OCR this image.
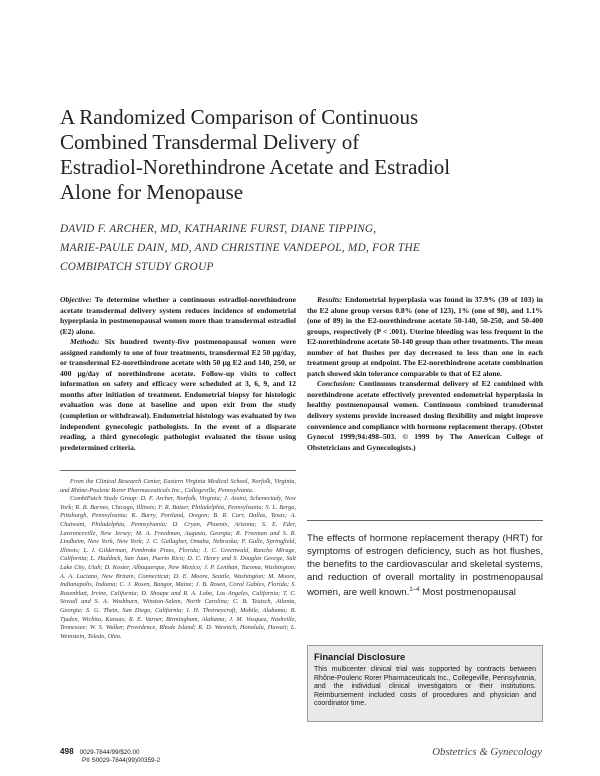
A Randomized Comparison of Continuous
Combined Transdermal Delivery of
Estradiol-Norethindrone Acetate and Estradiol
Alone for Menopause
DAVID F. ARCHER, MD, KATHARINE FURST, DIANE TIPPING,
MARIE-PAULE DAIN, MD, AND CHRISTINE VANDEPOL, MD, FOR THE
COMBIPATCH STUDY GROUP

Objective: To determine whether a continuous estradiol-norethindrone acetate transdermal delivery system reduces incidence of endometrial hyperplasia in postmenopausal women more than transdermal estradiol (E2) alone.

Methods: Six hundred twenty-five postmenopausal women were assigned randomly to one of four treatments, transdermal E2 50 μg/day, or transdermal E2-norethindrone acetate with 50 μg E2 and 140, 250, or 400 μg/day of norethindrone acetate. Follow-up visits to collect information on safety and efficacy were scheduled at 3, 6, 9, and 12 months after initiation of treatment. Endometrial biopsy for histologic evaluation was done at baseline and upon exit from the study (completion or withdrawal). Endometrial histology was evaluated by two independent gynecologic pathologists. In the event of a disparate reading, a third gynecologic pathologist evaluated the tissue using predetermined criteria.

Results: Endometrial hyperplasia was found in 37.9% (39 of 103) in the E2 alone group versus 0.8% (one of 123), 1% (one of 98), and 1.1% (one of 89) in the E2-norethindrone acetate 50-140, 50-250, and 50-400 groups, respectively (P < .001). Uterine bleeding was less frequent in the E2-norethindrone acetate 50-140 group than other treatments. The mean number of hot flushes per day decreased to less than one in each treatment group at endpoint. The E2-norethindrone acetate combination patch showed skin tolerance comparable to that of E2 alone.

Conclusion: Continuous transdermal delivery of E2 combined with norethindrone acetate effectively prevented endometrial hyperplasia in healthy postmenopausal women. Continuous combined transdermal delivery systems provide increased dosing flexibility and might improve convenience and compliance with hormone replacement therapy. (Obstet Gynecol 1999;94:498–503. © 1999 by The American College of Obstetricians and Gynecologists.)

From the Clinical Research Center, Eastern Virginia Medical School, Norfolk, Virginia, and Rhône-Poulenc Rorer Pharmaceuticals Inc., Collegeville, Pennsylvania.

CombiPatch Study Group: D. F. Archer, Norfolk, Virginia; J. Assini, Schenectady, New York; R. B. Barnes, Chicago, Illinois; F. R. Batzer, Philadelphia, Pennsylvania; S. L. Berga, Pittsburgh, Pennsylvania; K. Burry, Portland, Oregon; B. R. Carr, Dallas, Texas; A. Chatwani, Philadelphia, Pennsylvania; D. Cryan, Phoenix, Arizona; S. E. Eder, Lawrenceville, New Jersey; M. A. Freedman, Augusta, Georgia; R. Freeman and S. R. Lindheim, New York, New York; J. C. Gallagher, Omaha, Nebraska; P. Galle, Springfield, Illinois; L. I. Gilderman, Pembroke Pines, Florida; J. C. Greenwald, Rancho Mirage, California; L. Haddock, San Juan, Puerto Rico; D. C. Henry and S. Douglas George, Salt Lake City, Utah; D. Koster, Albuquerque, New Mexico; J. P. Lenihan, Tacoma, Washington; A. A. Luciano, New Britain, Connecticut; D. E. Moore, Seattle, Washington; M. Moore, Indianapolis, Indiana; C. J. Rosen, Bangor, Maine; J. B. Rosen, Coral Gables, Florida; S. Rosenblatt, Irvine, California; D. Shoupe and R. A. Lobo, Los Angeles, California; T. C. Stovall and S. A. Washburn, Winston-Salem, North Carolina; C. B. Teutsch, Atlanta, Georgia; S. G. Thein, San Diego, California; I. H. Thorneycroft, Mobile, Alabama; B. Tjaden, Wichita, Kansas; R. E. Varner, Birmingham, Alabama; J. M. Vasquez, Nashville, Tennessee; W. S. Walker, Providence, Rhode Island; R. D. Wasnich, Honolulu, Hawaii; L. Weinstein, Toledo, Ohio.

The effects of hormone replacement therapy (HRT) for symptoms of estrogen deficiency, such as hot flushes, the benefits to the cardiovascular and skeletal systems, and reduction of overall mortality in postmenopausal women, are well known.$^{1-4}$ Most postmenopausal
Financial Disclosure
This multicenter clinical trial was supported by contracts between Rhône-Poulenc Rorer Pharmaceuticals Inc., Collegeville, Pennsylvania, and the individual clinical investigators or their institutions. Reimbursement included costs of procedures and physician and coordinator time.
498 0029-7844/99/$20.00
PII S0029-7844(99)00359-2
Obstetrics & Gynecology
